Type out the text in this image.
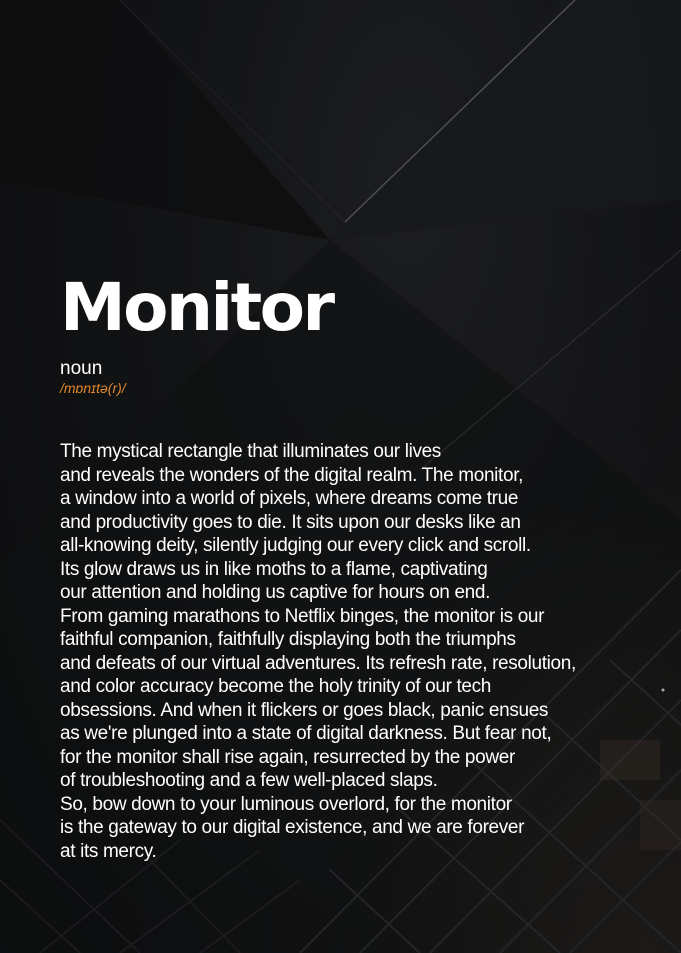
Monitor
noun
/mɒnɪtə(r)/
The mystical rectangle that illuminates our lives
and reveals the wonders of the digital realm. The monitor,
a window into a world of pixels, where dreams come true
and productivity goes to die. It sits upon our desks like an
all-knowing deity, silently judging our every click and scroll.
Its glow draws us in like moths to a flame, captivating
our attention and holding us captive for hours on end.
From gaming marathons to Netflix binges, the monitor is our
faithful companion, faithfully displaying both the triumphs
and defeats of our virtual adventures. Its refresh rate, resolution,
and color accuracy become the holy trinity of our tech
obsessions. And when it flickers or goes black, panic ensues
as we're plunged into a state of digital darkness. But fear not,
for the monitor shall rise again, resurrected by the power
of troubleshooting and a few well-placed slaps.
So, bow down to your luminous overlord, for the monitor
is the gateway to our digital existence, and we are forever
at its mercy.
